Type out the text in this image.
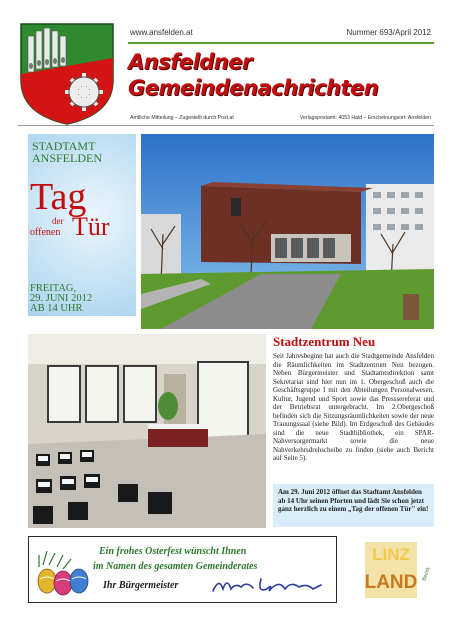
www.ansfelden.at	Nummer 693/April 2012
Ansfeldner
Gemeindenachrichten
Amtliche Mitteilung – Zugestellt durch Post.at	Verlagspostamt: 4053 Haid – Erscheinungsort: Ansfelden
STADTAMT
ANSFELDEN
Tag
der
offenen Tür
FREITAG,
29. JUNI 2012
AB 14 UHR
Stadtzentrum Neu
Seit Jahresbeginn hat auch die Stadtgemeinde Ansfelden die Räumlichkeiten im Stadtzentrum Neu bezogen. Neben Bürgermeister und Stadtamtsdirektion samt Sekretariat sind hier nun im 1. Obergeschoß auch die Geschäftsgruppe I mit den Abteilungen Personalwesen, Kultur, Jugend und Sport sowie das Presssereferat und der Betriebsrat untergebracht. Im 2.Obergeschoß befinden sich die Sitzungsräumlichkeiten sowie der neue Trauungssaal (siehe Bild). Im Erdgeschoß des Gebäudes sind die neue Stadtbibliothek, ein SPAR-Nahversorgermarkt sowie die neue Nahverkehrsdrehscheibe zu finden (siehe auch Bericht auf Seite 5).
Am 29. Juni 2012 öffnet das Stadtamt Ansfelden ab 14 Uhr seinen Pforten und lädt Sie schon jetzt ganz herzlich zu einem „Tag der offenen Tür" ein!
Ein frohes Osterfest wünscht Ihnen
im Namen des gesamten Gemeinderates
Ihr Bürgermeister
LINZ
LAND Bezirk
